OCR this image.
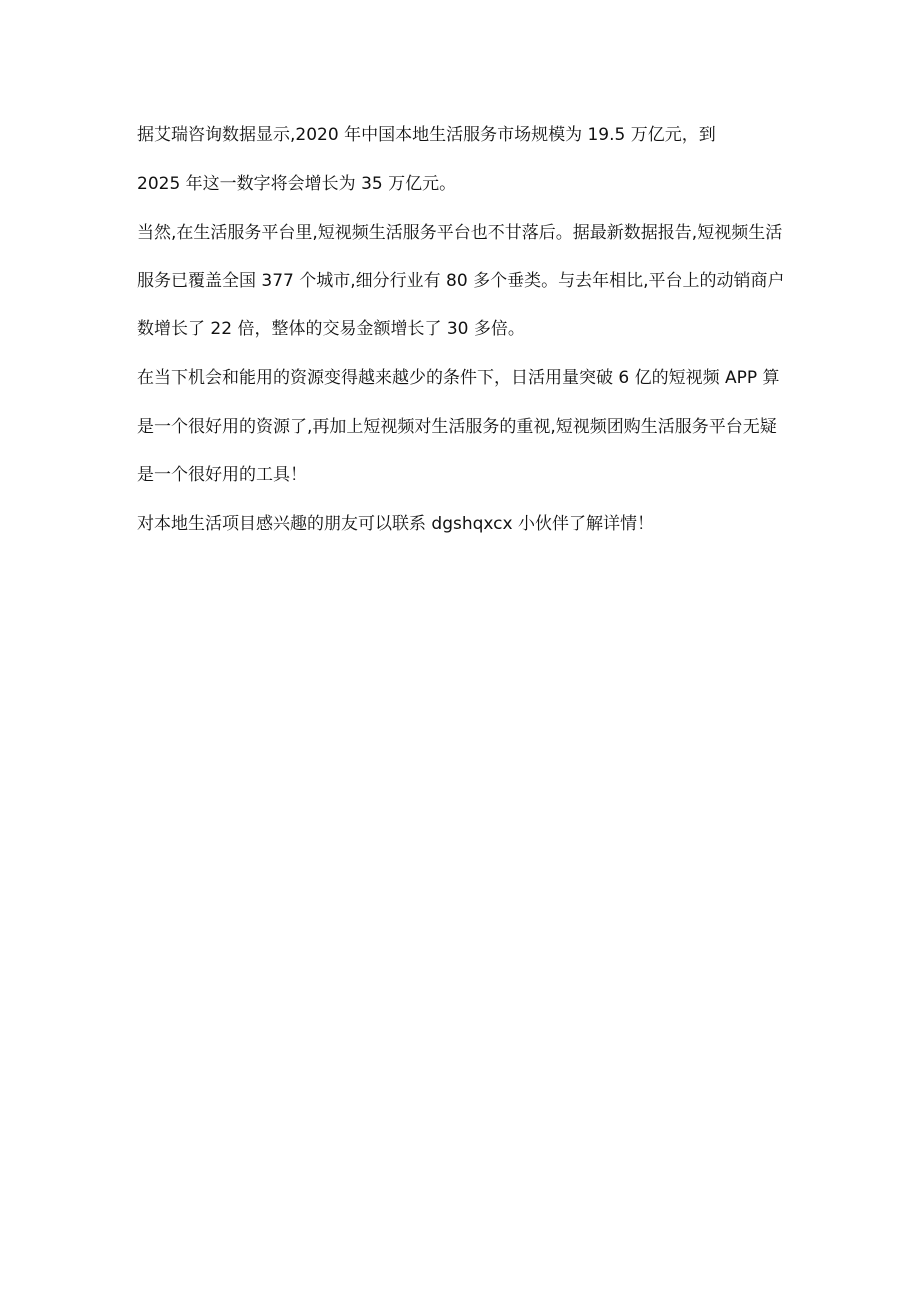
据艾瑞咨询数据显示,2020 年中国本地生活服务市场规模为 19.5 万亿元，到
2025 年这一数字将会增长为 35 万亿元。
当然,在生活服务平台里,短视频生活服务平台也不甘落后。据最新数据报告,短视频生活
服务已覆盖全国 377 个城市,细分行业有 80 多个垂类。与去年相比,平台上的动销商户
数增长了 22 倍，整体的交易金额增长了 30 多倍。
在当下机会和能用的资源变得越来越少的条件下，日活用量突破 6 亿的短视频 APP 算
是一个很好用的资源了,再加上短视频对生活服务的重视,短视频团购生活服务平台无疑
是一个很好用的工具！
对本地生活项目感兴趣的朋友可以联系 dgshqxcx 小伙伴了解详情！
